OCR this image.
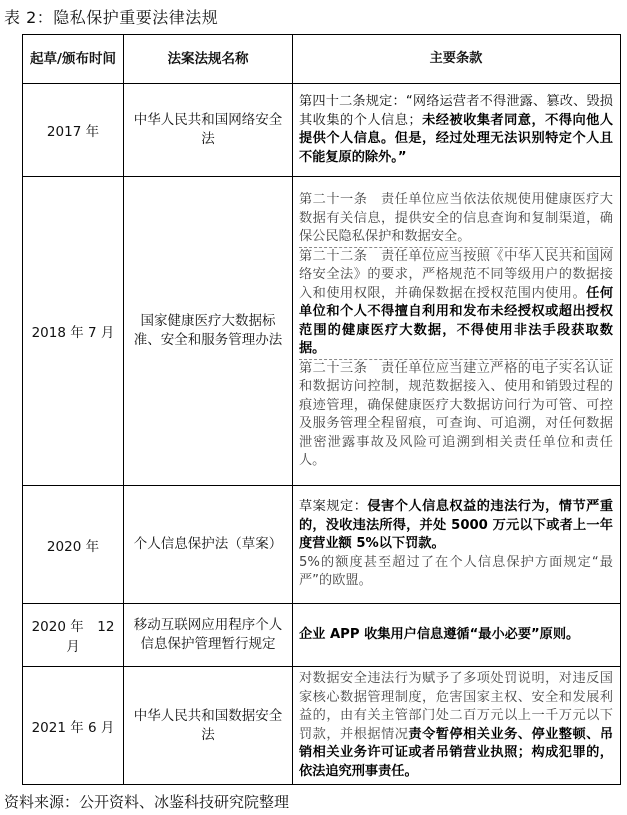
表 2：隐私保护重要法律法规
起草/颁布时间	法案法规名称	主要条款
2017 年	中华人民共和国网络安全法	第四十二条规定：“网络运营者不得泄露、篡改、毁损其收集的个人信息；未经被收集者同意，不得向他人提供个人信息。但是，经过处理无法识别特定个人且不能复原的除外。”
2018 年 7 月	国家健康医疗大数据标准、安全和服务管理办法	第二十一条　责任单位应当依法依规使用健康医疗大数据有关信息，提供安全的信息查询和复制渠道，确保公民隐私保护和数据安全。
第二十二条　责任单位应当按照《中华人民共和国网络安全法》的要求，严格规范不同等级用户的数据接入和使用权限，并确保数据在授权范围内使用。任何单位和个人不得擅自利用和发布未经授权或超出授权范围的健康医疗大数据，不得使用非法手段获取数据。
第二十三条　责任单位应当建立严格的电子实名认证和数据访问控制，规范数据接入、使用和销毁过程的痕迹管理，确保健康医疗大数据访问行为可管、可控及服务管理全程留痕，可查询、可追溯，对任何数据泄密泄露事故及风险可追溯到相关责任单位和责任人。

2020 年	个人信息保护法（草案）	草案规定：侵害个人信息权益的违法行为，情节严重的，没收违法所得，并处 5000 万元以下或者上一年度营业额 5%以下罚款。
5%的额度甚至超过了在个人信息保护方面规定“最严”的欧盟。

2020 年　12 月	移动互联网应用程序个人信息保护管理暂行规定	企业 APP 收集用户信息遵循“最小必要”原则。
2021 年 6 月	中华人民共和国数据安全法	对数据安全违法行为赋予了多项处罚说明，对违反国家核心数据管理制度，危害国家主权、安全和发展利益的，由有关主管部门处二百万元以上一千万元以下罚款，并根据情况责令暂停相关业务、停业整顿、吊销相关业务许可证或者吊销营业执照；构成犯罪的，依法追究刑事责任。
资料来源：公开资料、冰鉴科技研究院整理
